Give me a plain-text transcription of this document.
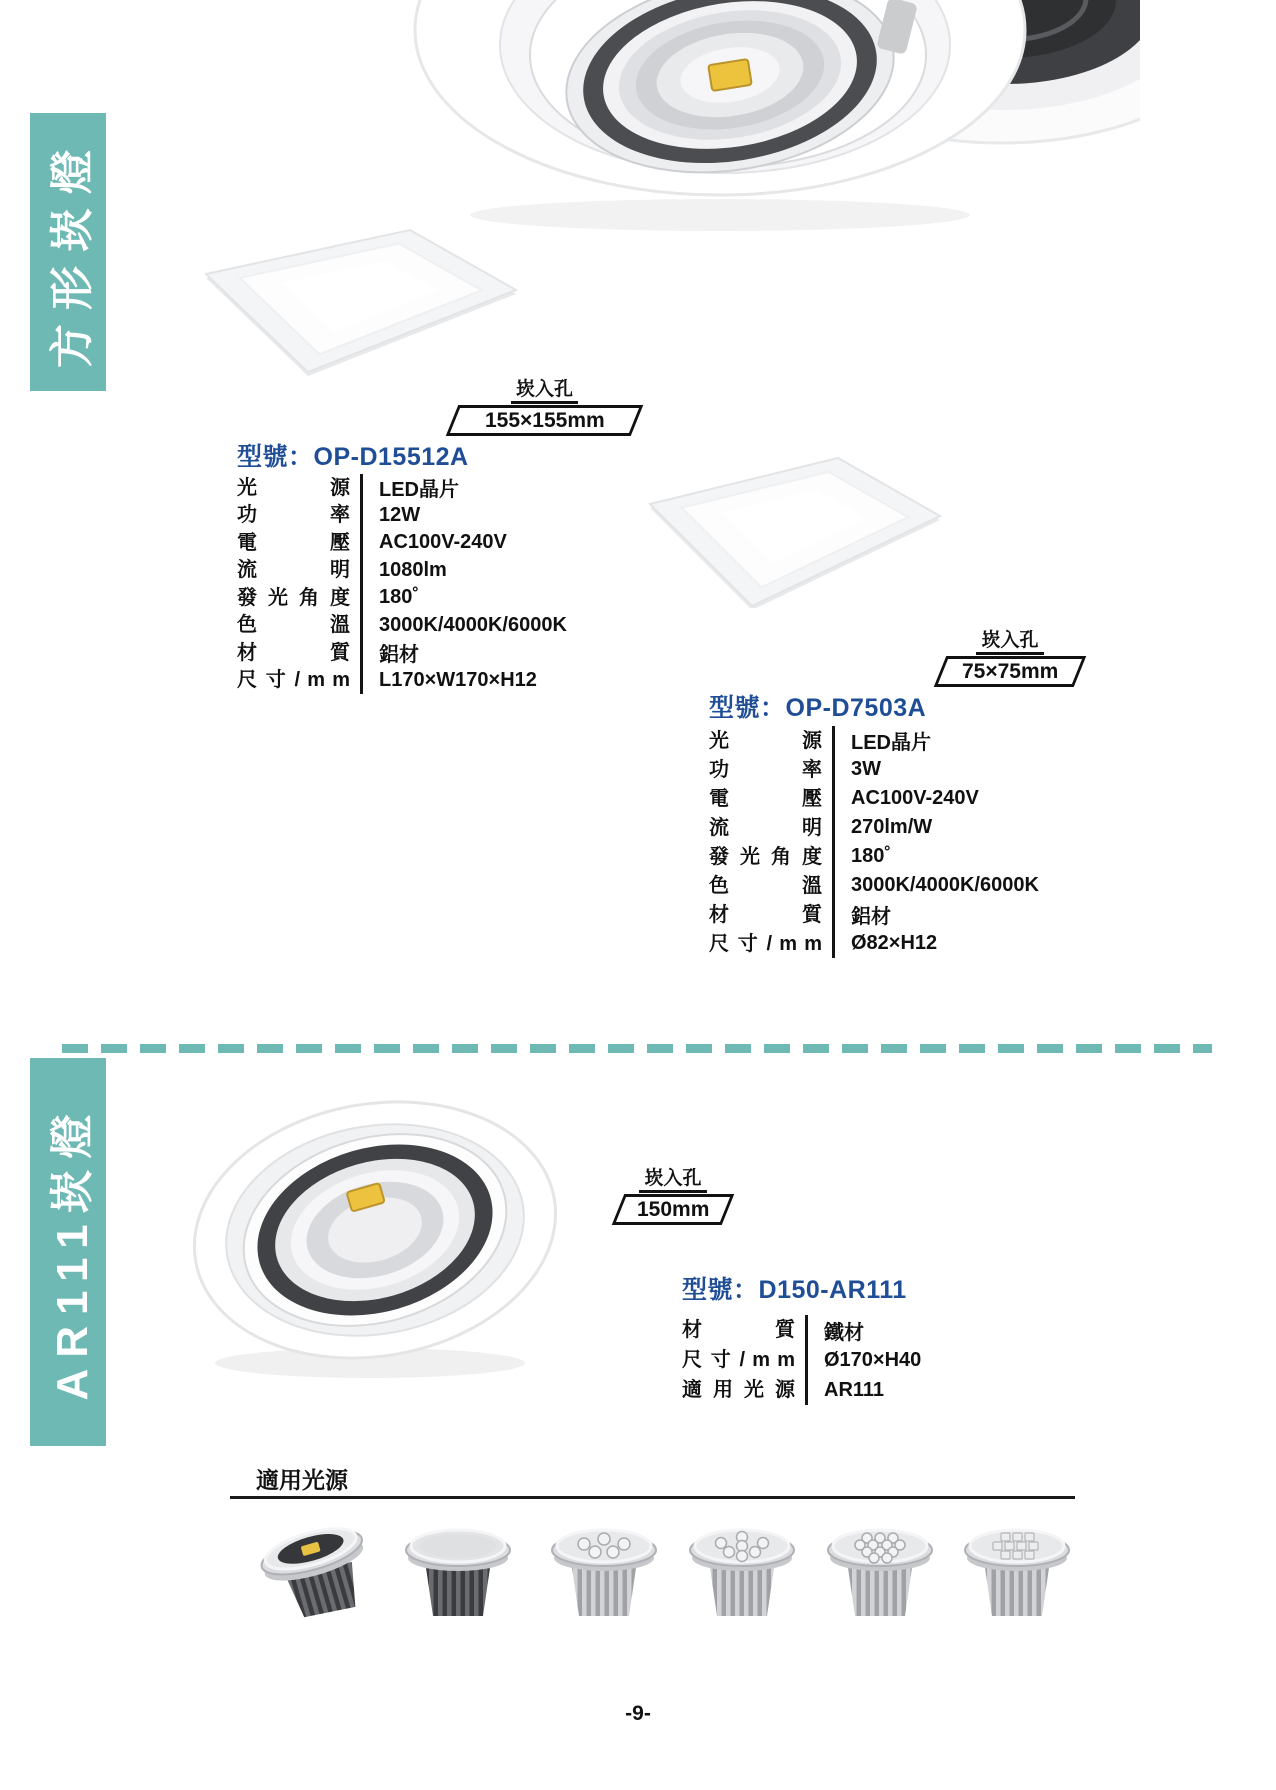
方形崁燈
崁入孔
155×155mm
型號：OP-D15512A
光 源	LED晶片
功 率	12W
電 壓	AC100V-240V
流 明	1080lm
發 光 角 度	180˚
色 溫	3000K/4000K/6000K
材 質	鋁材
尺 寸 / m m	L170×W170×H12
崁入孔
75×75mm
型號：OP-D7503A
光 源	LED晶片
功 率	3W
電 壓	AC100V-240V
流 明	270lm/W
發 光 角 度	180˚
色 溫	3000K/4000K/6000K
材 質	鋁材
尺 寸 / m m	Ø82×H12
AR111崁燈	崁入孔
150mm
型號：D150-AR111
材 質	鐵材
尺 寸 / m m	Ø170×H40
適 用 光 源	AR111
適用光源
-9-
